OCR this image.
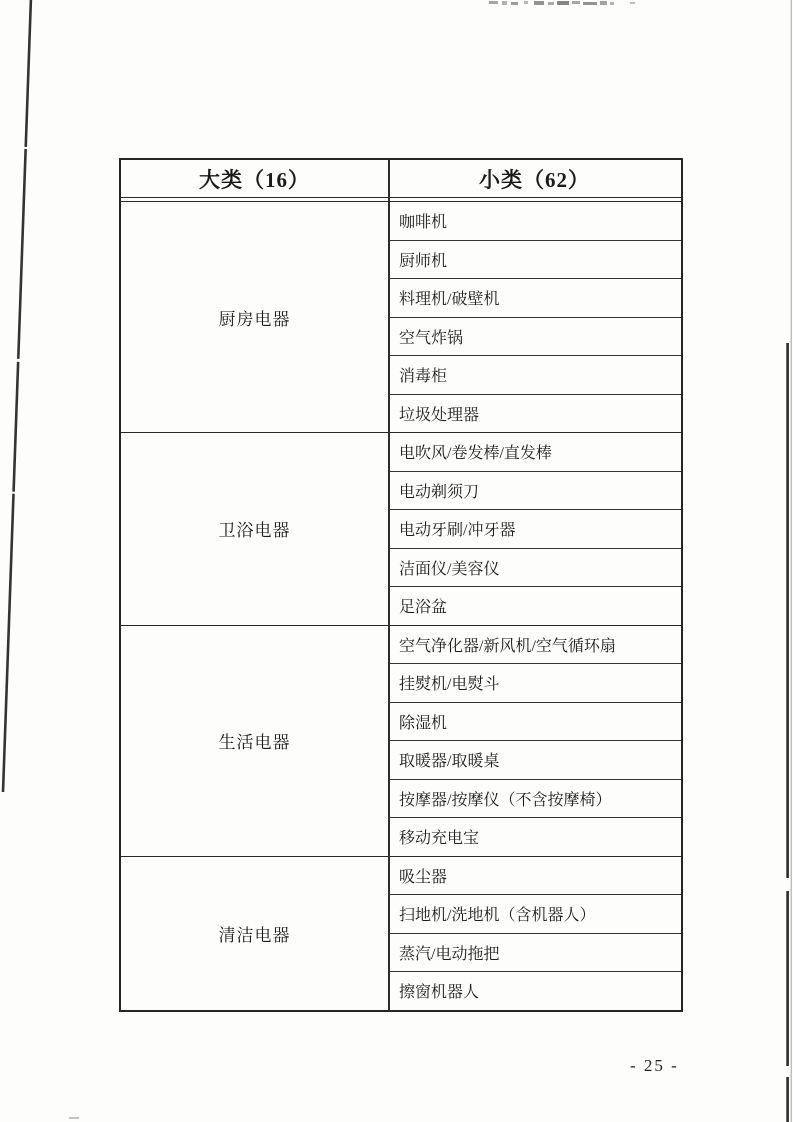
大类（16）	小类（62）
厨房电器
咖啡机
厨师机
料理机/破壁机
空气炸锅
消毒柜
垃圾处理器
卫浴电器
电吹风/卷发棒/直发棒
电动剃须刀
电动牙刷/冲牙器
洁面仪/美容仪
足浴盆
生活电器
空气净化器/新风机/空气循环扇
挂熨机/电熨斗
除湿机
取暖器/取暖桌
按摩器/按摩仪（不含按摩椅）
移动充电宝
清洁电器
吸尘器
扫地机/洗地机（含机器人）
蒸汽/电动拖把
擦窗机器人
- 25 -
